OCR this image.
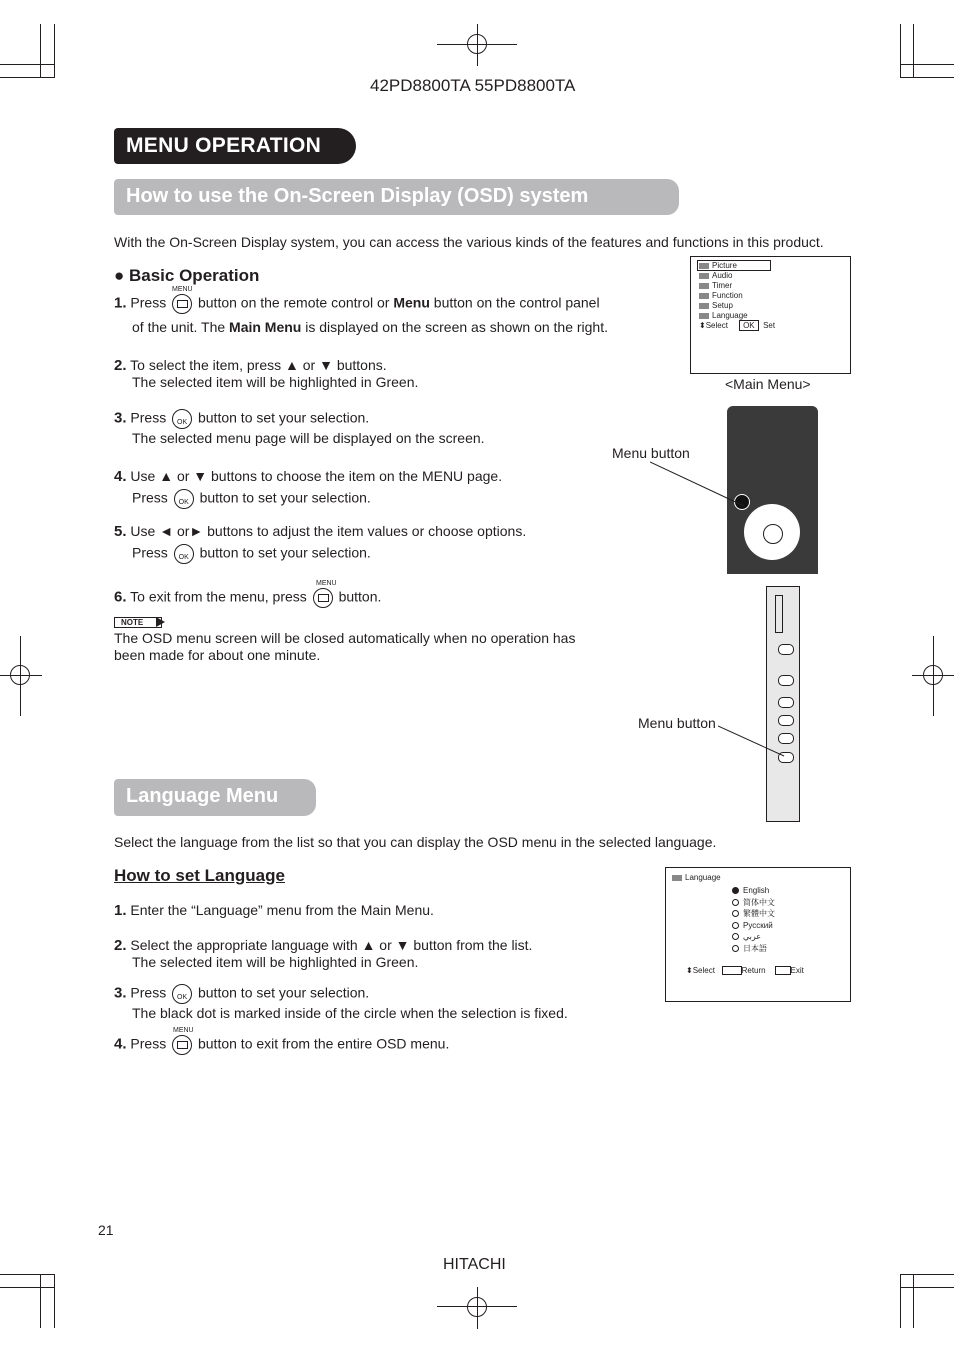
42PD8800TA 55PD8800TA
MENU OPERATION
How to use the On-Screen Display (OSD) system
With the On-Screen Display system, you can access the various kinds of the features and functions in this product.
● Basic Operation
1. Press button on the remote control or Menu button on the control panel
MENU
of the unit. The Main Menu is displayed on the screen as shown on the right.
2. To select the item, press ▲ or ▼ buttons.
The selected item will be highlighted in Green.
3. Press OK button to set your selection.
The selected menu page will be displayed on the screen.
4. Use ▲ or ▼ buttons to choose the item on the MENU page.
Press OK button to set your selection.
5. Use ◄ or► buttons to adjust the item values or choose options.
Press OK button to set your selection.
6. To exit from the menu, press button.
MENU
NOTE
The OSD menu screen will be closed automatically when no operation has
been made for about one minute.
Picture
Audio
Timer
Function
Setup
Language
⬍Select OK Set
<Main Menu>
Menu button
Menu button
Language Menu
Select the language from the list so that you can display the OSD menu in the selected language.
How to set Language
1. Enter the “Language” menu from the Main Menu.
2. Select the appropriate language with ▲ or ▼ button from the list.
The selected item will be highlighted in Green.
3. Press OK button to set your selection.
The black dot is marked inside of the circle when the selection is fixed.
4. Press button to exit from the entire OSD menu.
MENU
Language
English
简体中文
繁體中文
Русский
عربي
日本語
⬍Select	Return	Exit
21
HITACHI
